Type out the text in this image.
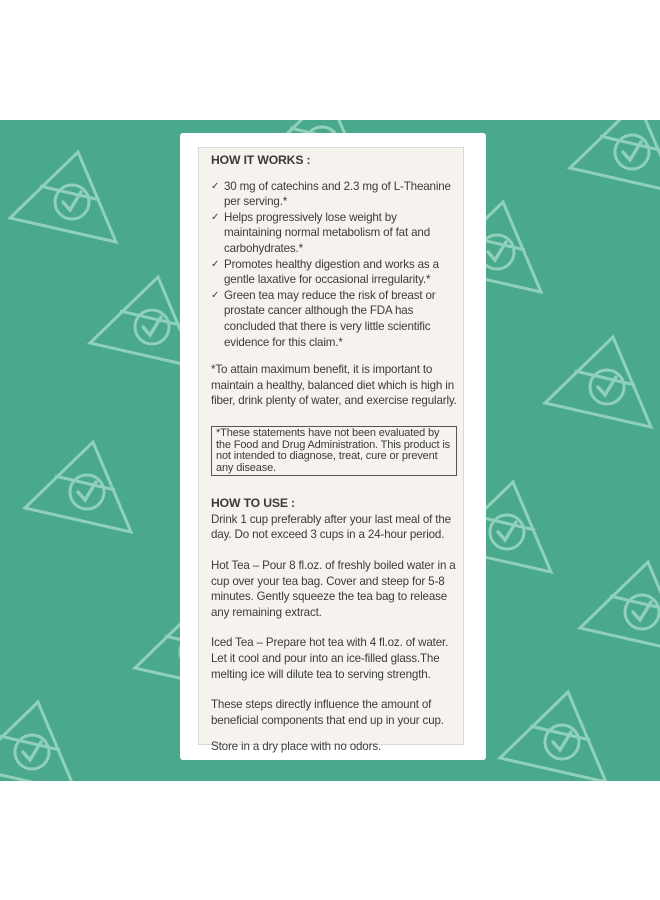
HOW IT WORKS :

✓ 30 mg of catechins and 2.3 mg of L-Theanine per serving.*
✓ Helps progressively lose weight by maintaining normal metabolism of fat and carbohydrates.*
✓ Promotes healthy digestion and works as a gentle laxative for occasional irregularity.*
✓ Green tea may reduce the risk of breast or prostate cancer although the FDA has concluded that there is very little scientific evidence for this claim.*

*To attain maximum benefit, it is important to maintain a healthy, balanced diet which is high in fiber, drink plenty of water, and exercise regularly.

*These statements have not been evaluated by the Food and Drug Administration. This product is not intended to diagnose, treat, cure or prevent any disease.

HOW TO USE :

Drink 1 cup preferably after your last meal of the day. Do not exceed 3 cups in a 24-hour period.

Hot Tea – Pour 8 fl.oz. of freshly boiled water in a cup over your tea bag. Cover and steep for 5-8 minutes. Gently squeeze the tea bag to release any remaining extract.

Iced Tea – Prepare hot tea with 4 fl.oz. of water. Let it cool and pour into an ice-filled glass.The melting ice will dilute tea to serving strength.

These steps directly influence the amount of beneficial components that end up in your cup.

Store in a dry place with no odors.
